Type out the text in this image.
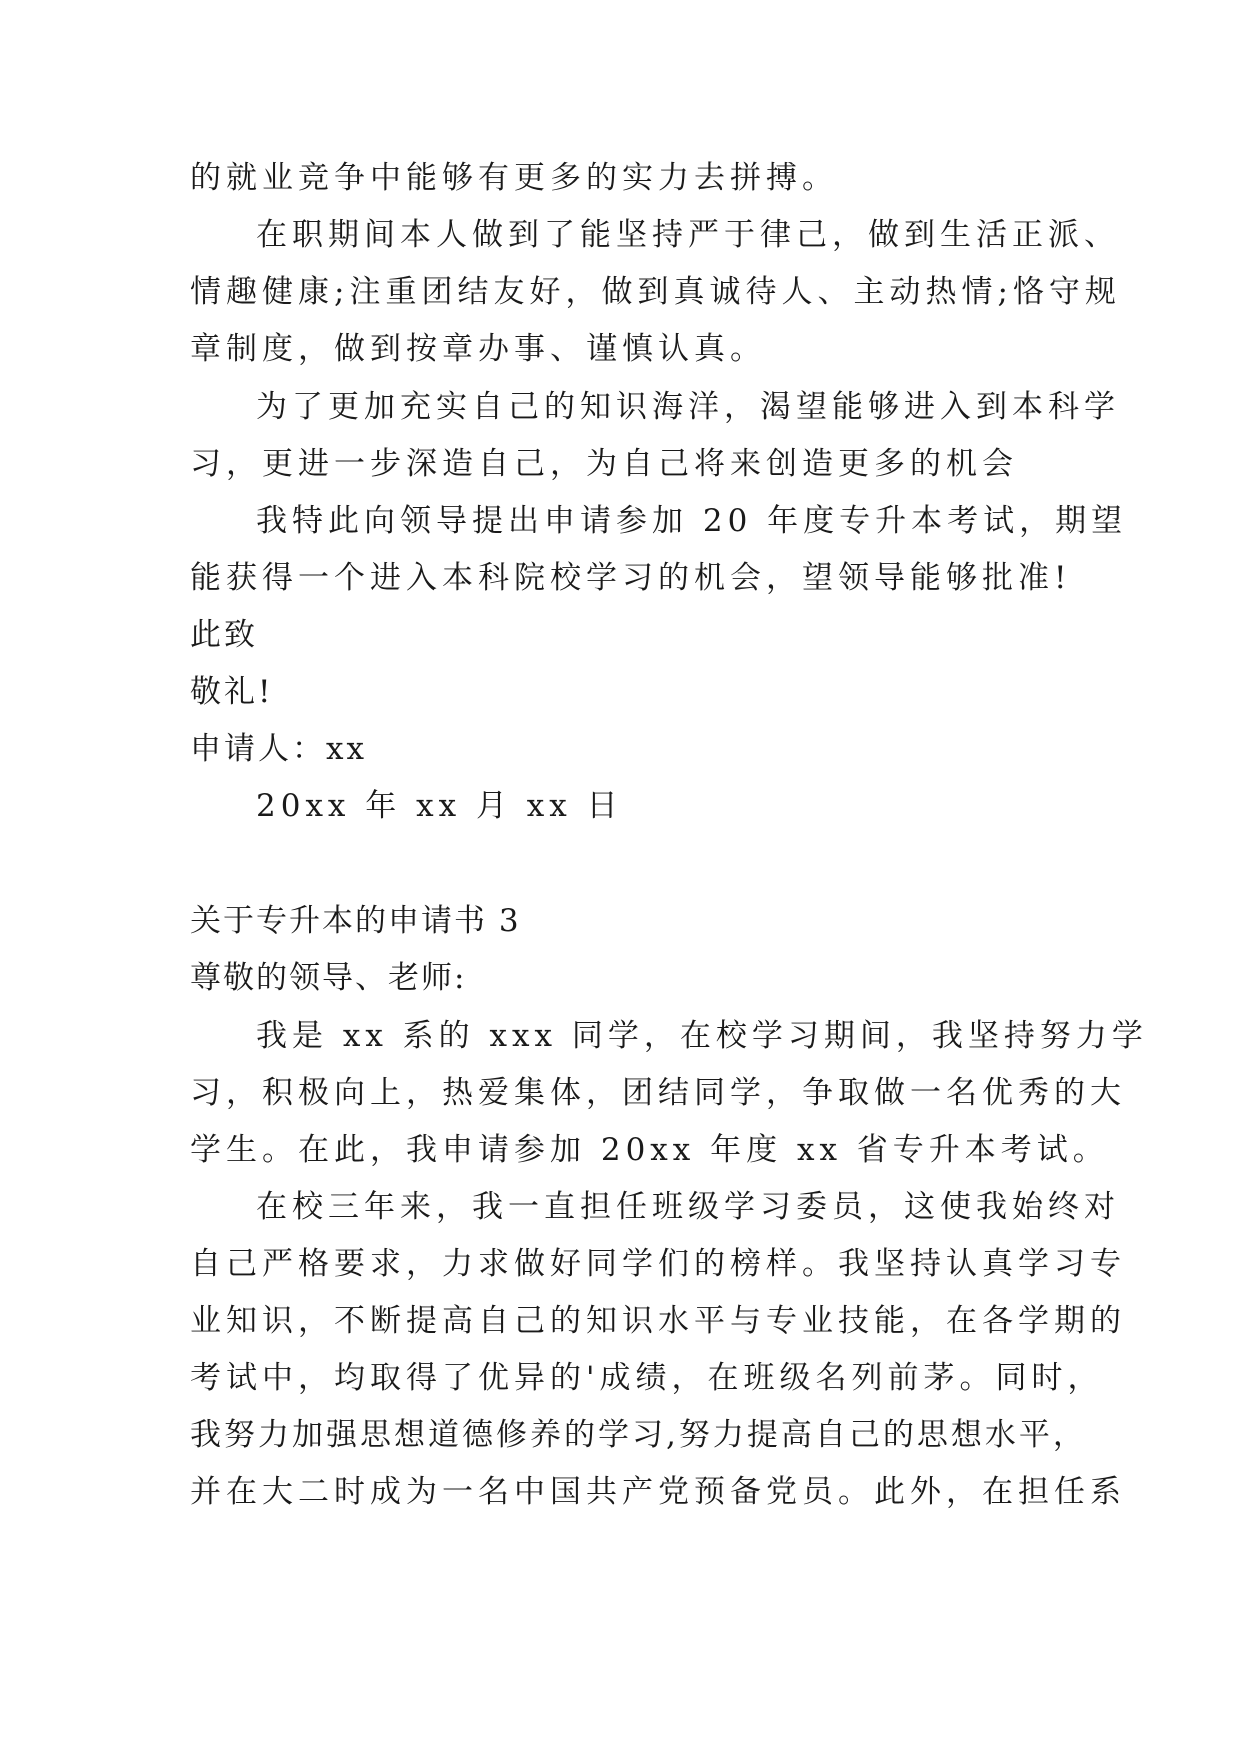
的就业竞争中能够有更多的实力去拼搏。
在职期间本人做到了能坚持严于律己，做到生活正派、
情趣健康;注重团结友好，做到真诚待人、主动热情;恪守规
章制度，做到按章办事、谨慎认真。
为了更加充实自己的知识海洋，渴望能够进入到本科学
习，更进一步深造自己，为自己将来创造更多的机会
我特此向领导提出申请参加 20 年度专升本考试，期望
能获得一个进入本科院校学习的机会，望领导能够批准!
此致
敬礼!
申请人：xx
20xx 年 xx 月 xx 日
关于专升本的申请书 3
尊敬的领导、老师:
我是 xx 系的 xxx 同学，在校学习期间，我坚持努力学
习，积极向上，热爱集体，团结同学，争取做一名优秀的大
学生。在此，我申请参加 20xx 年度 xx 省专升本考试。
在校三年来，我一直担任班级学习委员，这使我始终对
自己严格要求，力求做好同学们的榜样。我坚持认真学习专
业知识，不断提高自己的知识水平与专业技能，在各学期的
考试中，均取得了优异的'成绩，在班级名列前茅。同时，
我努力加强思想道德修养的学习,努力提高自己的思想水平，
并在大二时成为一名中国共产党预备党员。此外，在担任系
